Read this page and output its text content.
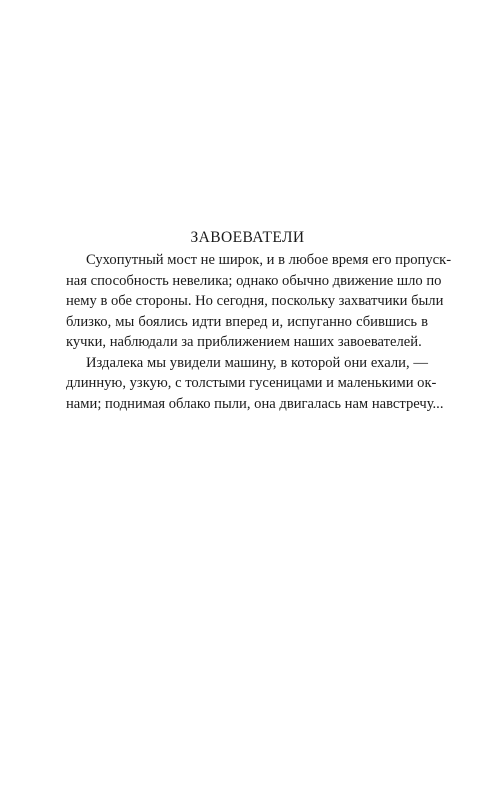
ЗАВОЕВАТЕЛИ
Сухопутный мост не широк, и в любое время его пропуск-
ная способность невелика; однако обычно движение шло по
нему в обе стороны. Но сегодня, поскольку захватчики были
близко, мы боялись идти вперед и, испуганно сбившись в
кучки, наблюдали за приближением наших завоевателей.
Издалека мы увидели машину, в которой они ехали, —
длинную, узкую, с толстыми гусеницами и маленькими ок-
нами; поднимая облако пыли, она двигалась нам навстречу...
